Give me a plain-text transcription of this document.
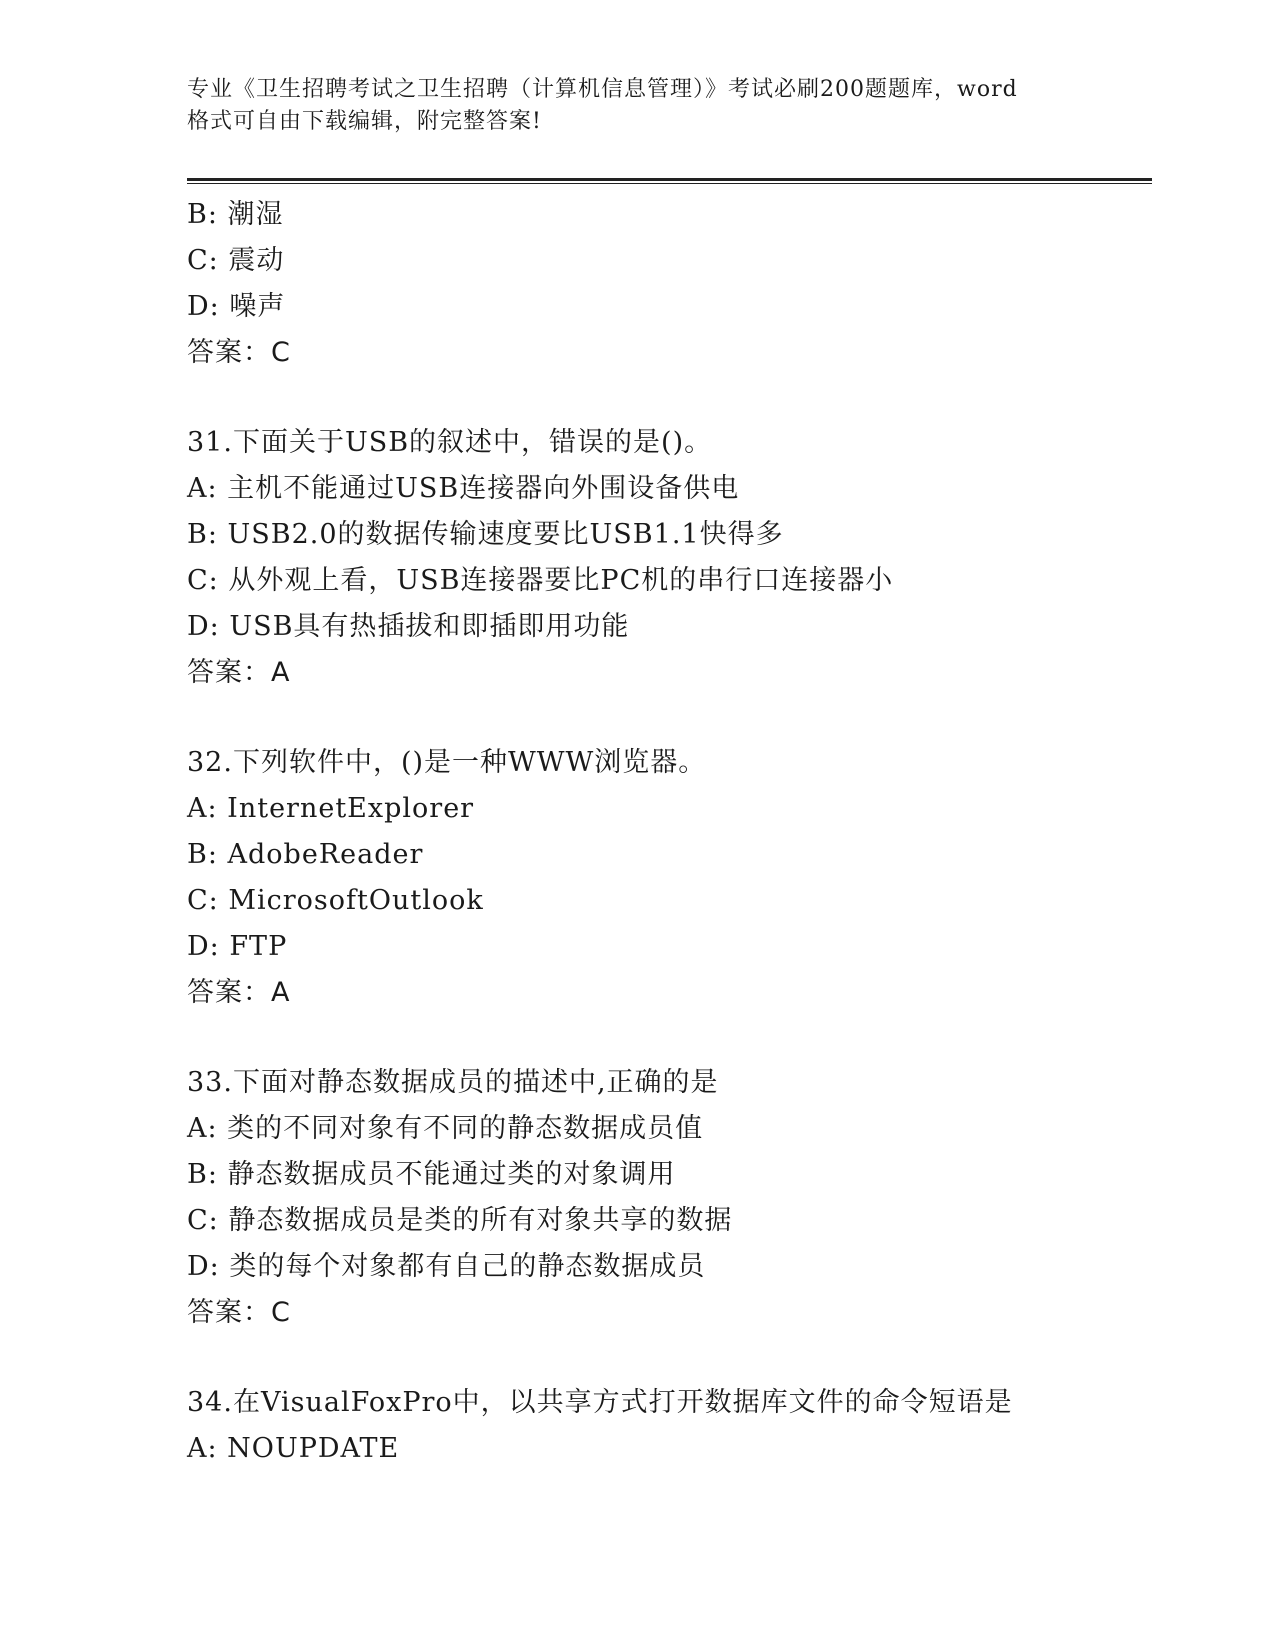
专业《卫生招聘考试之卫生招聘（计算机信息管理）》考试必刷200题题库，word
格式可自由下载编辑，附完整答案!
B: 潮湿
C: 震动
D: 噪声
答案：C
31.下面关于USB的叙述中，错误的是()。
A: 主机不能通过USB连接器向外围设备供电
B: USB2.0的数据传输速度要比USB1.1快得多
C: 从外观上看，USB连接器要比PC机的串行口连接器小
D: USB具有热插拔和即插即用功能
答案：A
32.下列软件中，()是一种WWW浏览器。
A: InternetExplorer
B: AdobeReader
C: MicrosoftOutlook
D: FTP
答案：A
33.下面对静态数据成员的描述中,正确的是
A: 类的不同对象有不同的静态数据成员值
B: 静态数据成员不能通过类的对象调用
C: 静态数据成员是类的所有对象共享的数据
D: 类的每个对象都有自己的静态数据成员
答案：C
34.在VisualFoxPro中，以共享方式打开数据库文件的命令短语是
A: NOUPDATE
